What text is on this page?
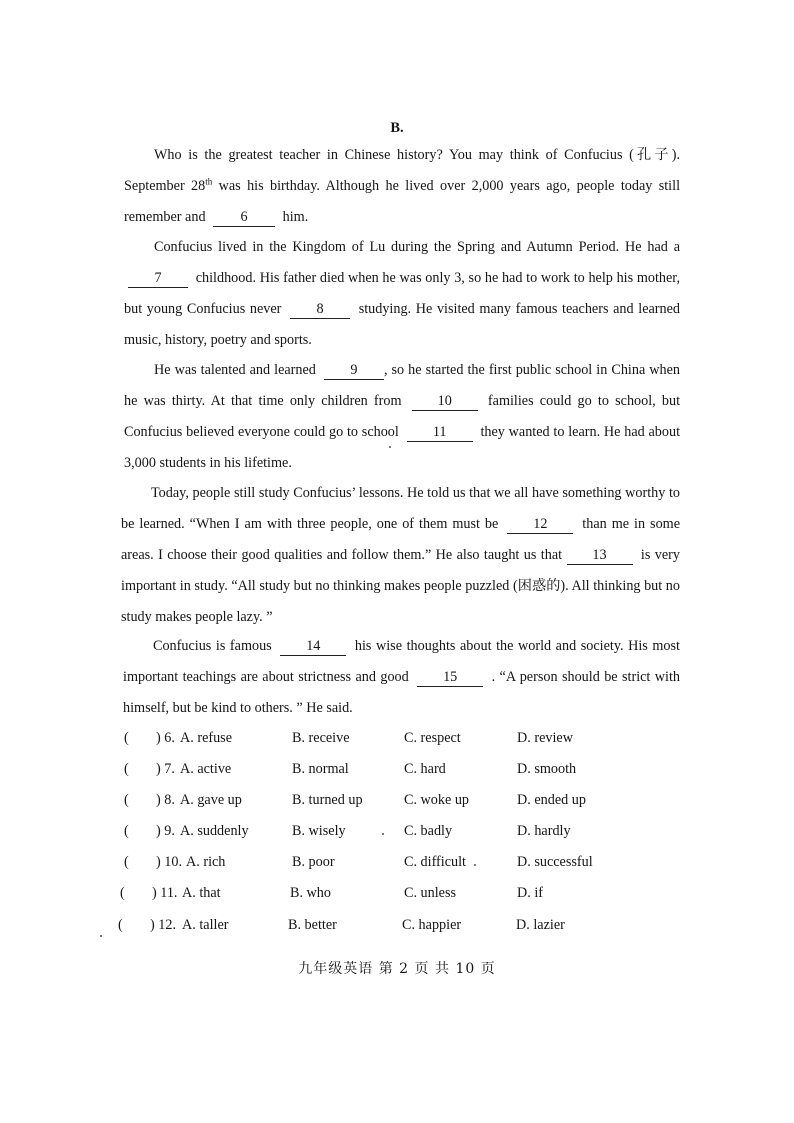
B.
Who is the greatest teacher in Chinese history? You may think of Confucius (孔子). September 28th was his birthday. Although he lived over 2,000 years ago, people today still remember and 6 him.
Confucius lived in the Kingdom of Lu during the Spring and Autumn Period. He had a 7 childhood. His father died when he was only 3, so he had to work to help his mother, but young Confucius never 8 studying. He visited many famous teachers and learned music, history, poetry and sports.
He was talented and learned 9 , so he started the first public school in China when he was thirty. At that time only children from	10	families could go to school, but Confucius believed everyone could go to school 11 they wanted to learn. He had about 3,000 students in his lifetime.
Today, people still study Confucius’ lessons. He told us that we all have something worthy to be learned. “When I am with three people, one of them must be 12 than me in some areas. I choose their good qualities and follow them.” He also taught us that 13 is very important in study. “All study but no thinking makes people puzzled (困惑的). All thinking but no study makes people lazy. ”
Confucius is famous 14 his wise thoughts about the world and society. His most important teachings are about strictness and good 15 . “A person should be strict with himself, but be kind to others. ” He said.
( ) 6. A. refuse	B. receive	C. respect	D. review
( ) 7. A. active	B. normal	C. hard	D. smooth
( ) 8. A. gave up	B. turned up	C. woke up	D. ended up
( ) 9. A. suddenly	B. wisely	C. badly	D. hardly
( ) 10. A. rich	B. poor	C. difficult	D. successful
( ) 11. A. that	B. who	C. unless	D. if
( ) 12. A. taller	B. better	C. happier	D. lazier
九年级英语 第 2 页 共 10 页
